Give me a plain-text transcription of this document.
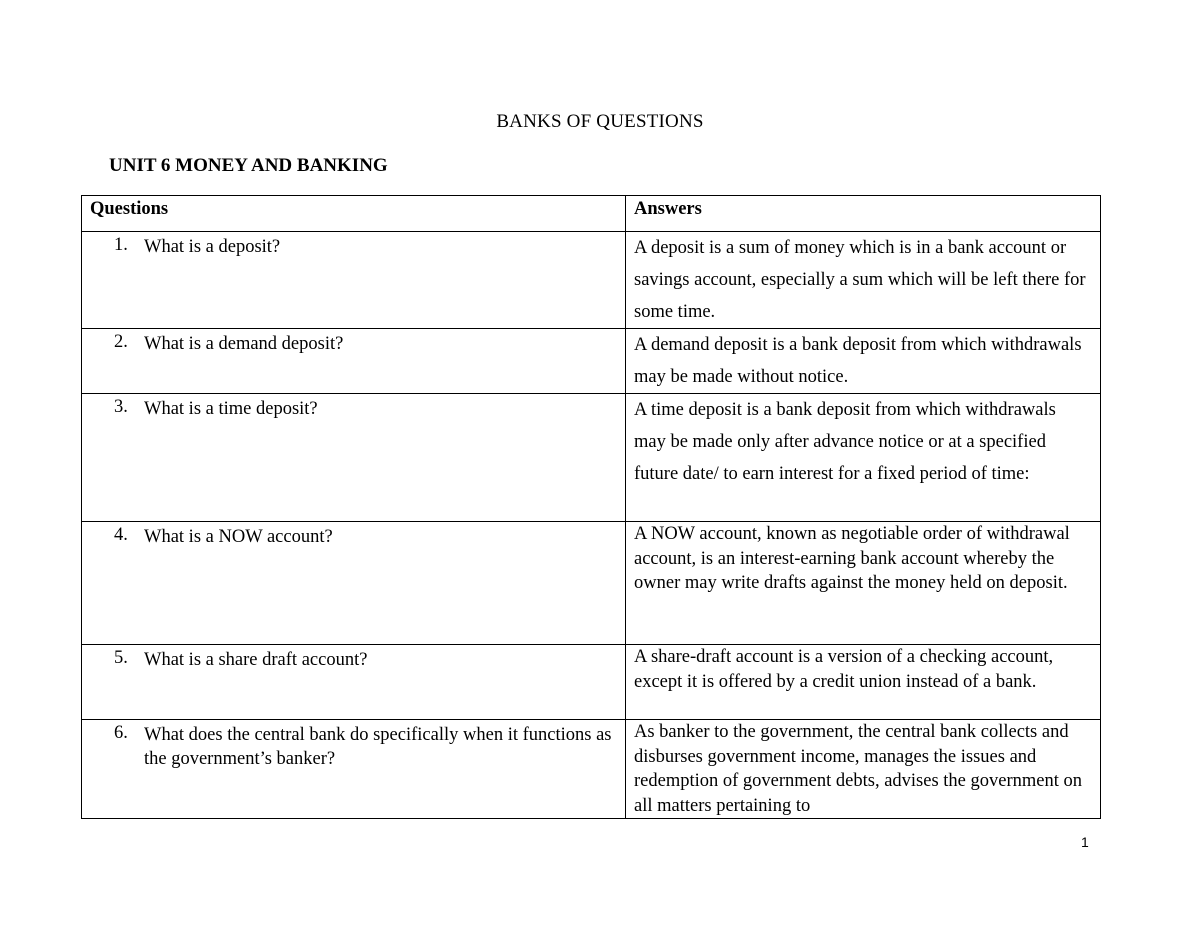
BANKS OF QUESTIONS
UNIT 6 MONEY AND BANKING
Questions	Answers

1. What is a deposit?	A deposit is a sum of money which is in a bank account or savings account, especially a sum which will be left there for some time.

2. What is a demand deposit?	A demand deposit is a bank deposit from which withdrawals may be made without notice.

3. What is a time deposit?	A time deposit is a bank deposit from which withdrawals may be made only after advance notice or at a specified future date/ to earn interest for a fixed period of time:

4. What is a NOW account?	A NOW account, known as negotiable order of withdrawal account, is an interest-earning bank account whereby the owner may write drafts against the money held on deposit.

5. What is a share draft account?	A share-draft account is a version of a checking account, except it is offered by a credit union instead of a bank.

6. What does the central bank do specifically when it functions as the government’s banker?	As banker to the government, the central bank collects and disburses government income, manages the issues and redemption of government debts, advises the government on all matters pertaining to
1
